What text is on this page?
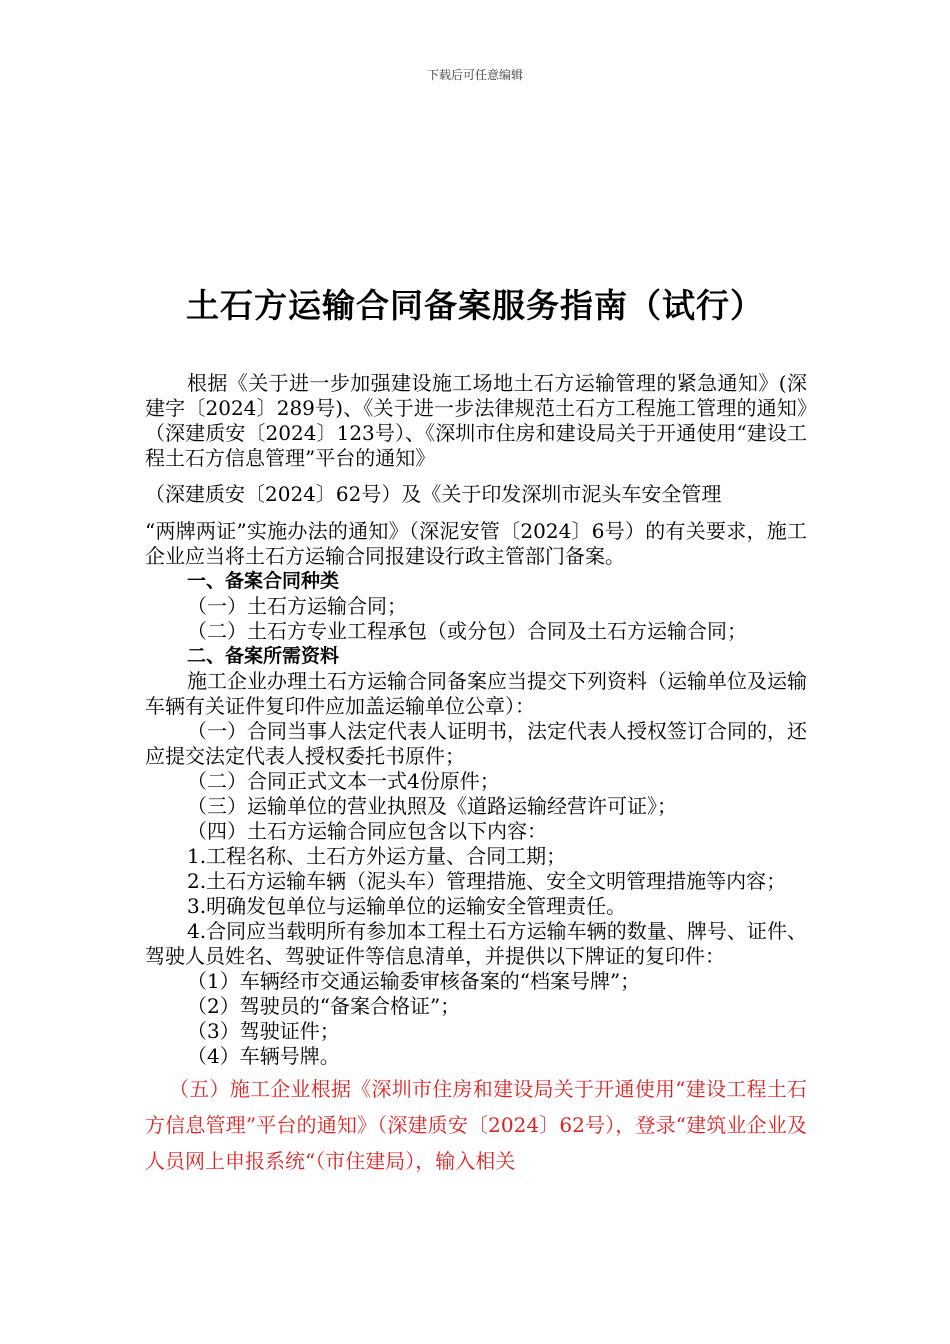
下载后可任意编辑
土石方运输合同备案服务指南（试行）

根据《关于进一步加强建设施工场地土石方运输管理的紧急通知》(深建字〔2024〕289号)、《关于进一步法律规范土石方工程施工管理的通知》（深建质安〔2024〕123号）、《深圳市住房和建设局关于开通使用“建设工程土石方信息管理”平台的通知》

（深建质安〔2024〕62号）及《关于印发深圳市泥头车安全管理

“两牌两证”实施办法的通知》（深泥安管〔2024〕6号）的有关要求，施工企业应当将土石方运输合同报建设行政主管部门备案。

一、备案合同种类

（一）土石方运输合同；

（二）土石方专业工程承包（或分包）合同及土石方运输合同；

二、备案所需资料

施工企业办理土石方运输合同备案应当提交下列资料（运输单位及运输车辆有关证件复印件应加盖运输单位公章）：

（一）合同当事人法定代表人证明书，法定代表人授权签订合同的，还应提交法定代表人授权委托书原件；

（二）合同正式文本一式4份原件；

（三）运输单位的营业执照及《道路运输经营许可证》；

（四）土石方运输合同应包含以下内容：

1.工程名称、土石方外运方量、合同工期；

2.土石方运输车辆（泥头车）管理措施、安全文明管理措施等内容；

3.明确发包单位与运输单位的运输安全管理责任。

4.合同应当载明所有参加本工程土石方运输车辆的数量、牌号、证件、驾驶人员姓名、驾驶证件等信息清单，并提供以下牌证的复印件：

（1）车辆经市交通运输委审核备案的“档案号牌”；

（2）驾驶员的“备案合格证”；

（3）驾驶证件；

（4）车辆号牌。

（五）施工企业根据《深圳市住房和建设局关于开通使用“建设工程土石方信息管理”平台的通知》（深建质安〔2024〕62号），登录“建筑业企业及人员网上申报系统“（市住建局），输入相关
